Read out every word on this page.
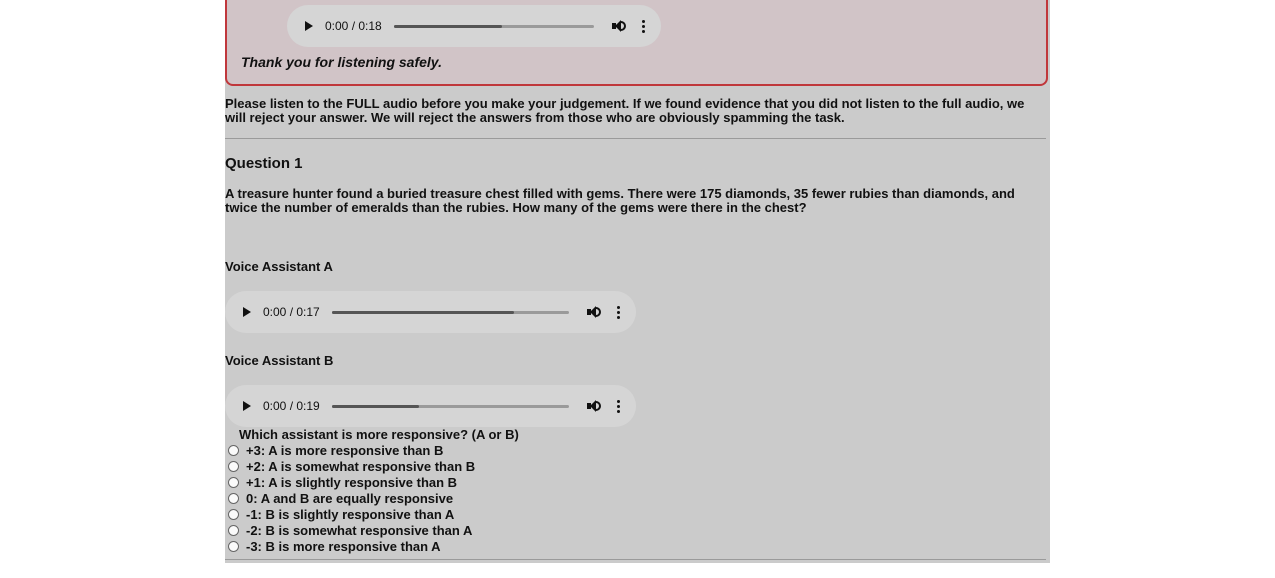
0:00 / 0:18
Thank you for listening safely.
Please listen to the FULL audio before you make your judgement. If we found evidence that you did not listen to the full audio, we will reject your answer. We will reject the answers from those who are obviously spamming the task.
Question 1
A treasure hunter found a buried treasure chest filled with gems. There were 175 diamonds, 35 fewer rubies than diamonds, and twice the number of emeralds than the rubies. How many of the gems were there in the chest?
Voice Assistant A
0:00 / 0:17
Voice Assistant B
0:00 / 0:19
Which assistant is more responsive? (A or B)
+3: A is more responsive than B
+2: A is somewhat responsive than B
+1: A is slightly responsive than B
0: A and B are equally responsive
-1: B is slightly responsive than A
-2: B is somewhat responsive than A
-3: B is more responsive than A
